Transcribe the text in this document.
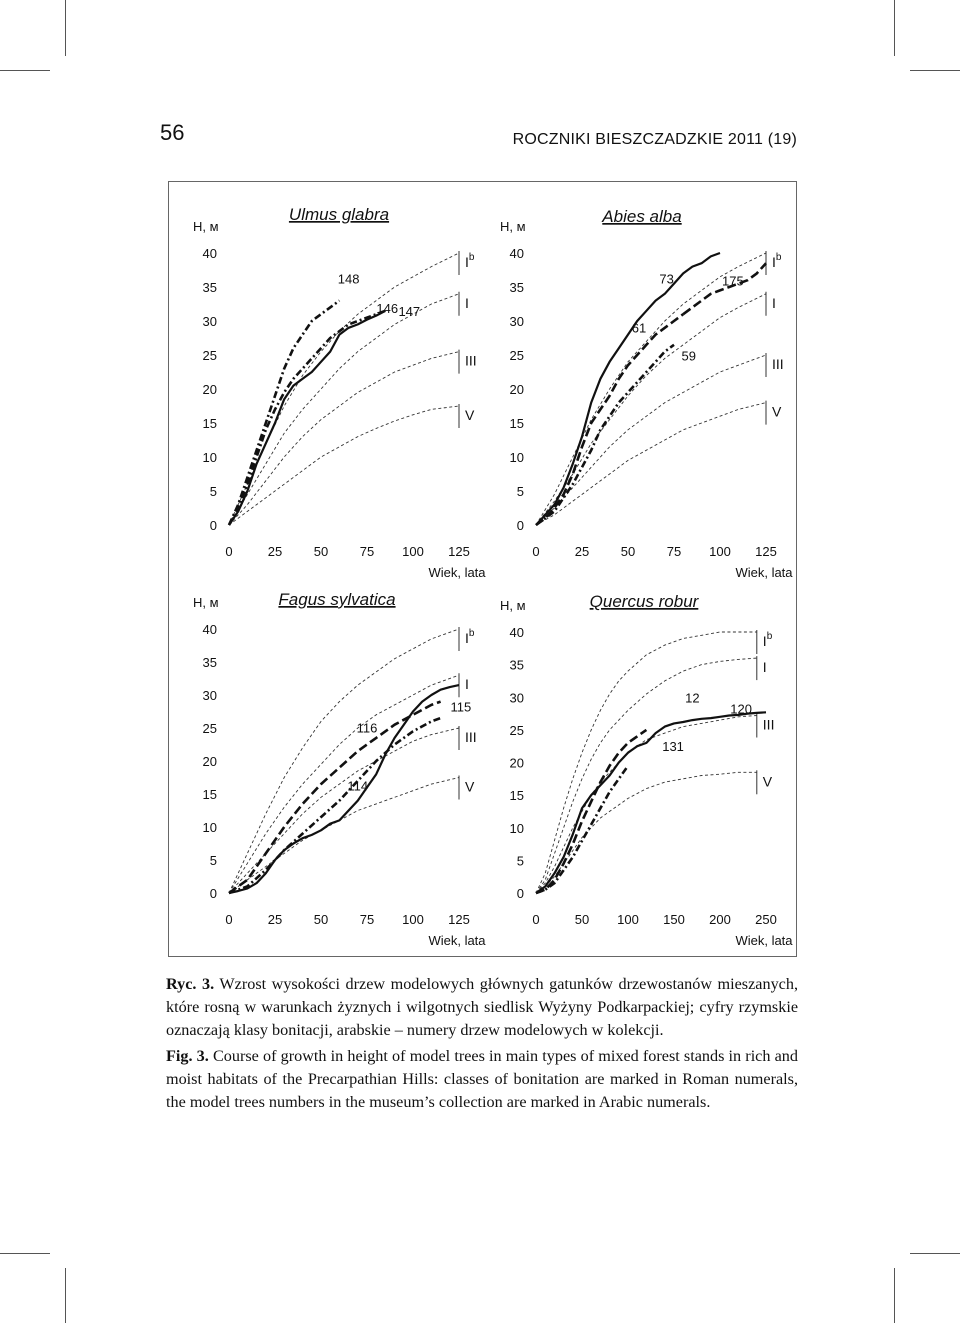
56	ROCZNIKI BIESZCZADZKIE 2011 (19)
Ulmus glabra
H, м
0
5
10
15
20
25
30
35
40
0	25 50 75 100 125
Wiek, lata
$I^b$
I
III
V
148
146 147
Abies alba
H, м
0
5
10
15
20
25
30
35
40
0	25 50 75 100 125
Wiek, lata
$I^b$
I
III
V
73
61
59
175
Fagus sylvatica
H, м
0
5
10
15
20
25
30
35
40
0	25 50 75 100 125
Wiek, lata
$I^b$
I
III
V
116
114
115
Quercus robur
H, м
0
5
10
15
20
25
30
35
40
0	50 100 150 200 250
Wiek, lata
$I^b$
I
III
V
12
120
131

Ryc. 3. Wzrost wysokości drzew modelowych głównych gatunków drzewostanów mieszanych, które rosną w warunkach żyznych i wilgotnych siedlisk Wyżyny Podkarpackiej; cyfry rzymskie oznaczają klasy bonitacji, arabskie – numery drzew modelowych w kolekcji.

Fig. 3. Course of growth in height of model trees in main types of mixed forest stands in rich and moist habitats of the Precarpathian Hills: classes of bonitation are marked in Roman numerals, the model trees numbers in the museum’s collection are marked in Arabic numerals.
